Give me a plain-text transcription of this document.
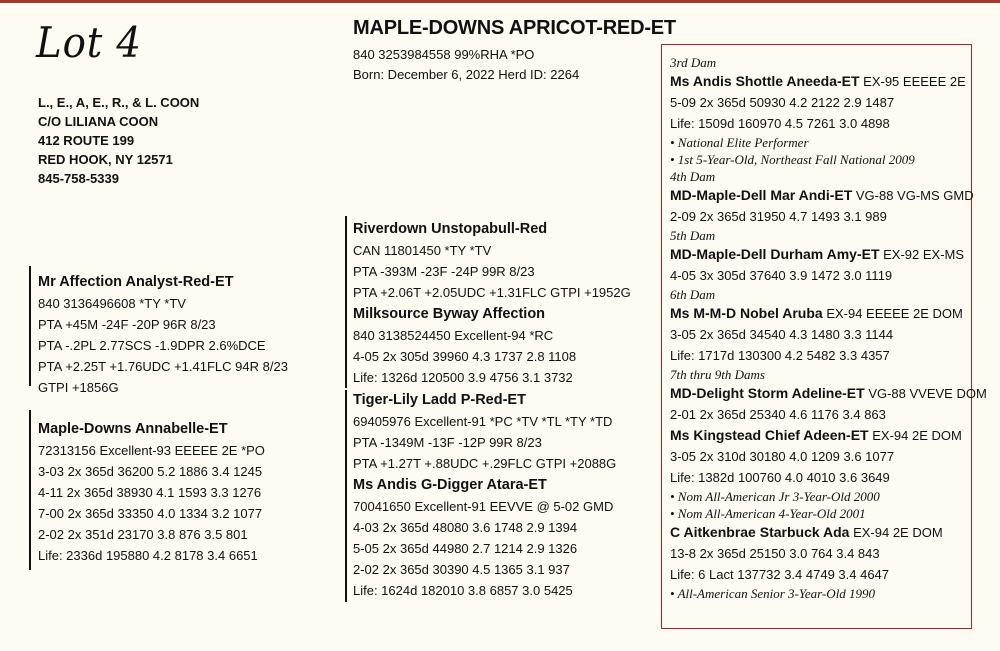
Lot 4
L., E., A, E., R., & L. COON
C/O LILIANA COON
412 ROUTE 199
RED HOOK, NY 12571
845-758-5339
MAPLE-DOWNS APRICOT-RED-ET
840 3253984558 99%RHA *PO
Born: December 6, 2022 Herd ID: 2264
Mr Affection Analyst-Red-ET
840 3136496608 *TY *TV
PTA +45M -24F -20P 96R 8/23
PTA -.2PL 2.77SCS -1.9DPR 2.6%DCE
PTA +2.25T +1.76UDC +1.41FLC 94R 8/23
GTPI +1856G
Maple-Downs Annabelle-ET
72313156 Excellent-93 EEEEE 2E *PO
3-03 2x 365d 36200 5.2 1886 3.4 1245
4-11 2x 365d 38930 4.1 1593 3.3 1276
7-00 2x 365d 33350 4.0 1334 3.2 1077
2-02 2x 351d 23170 3.8 876 3.5 801
Life: 2336d 195880 4.2 8178 3.4 6651
Riverdown Unstopabull-Red
CAN 11801450 *TY *TV
PTA -393M -23F -24P 99R 8/23
PTA +2.06T +2.05UDC +1.31FLC GTPI +1952G
Milksource Byway Affection
840 3138524450 Excellent-94 *RC
4-05 2x 305d 39960 4.3 1737 2.8 1108
Life: 1326d 120500 3.9 4756 3.1 3732
Tiger-Lily Ladd P-Red-ET
69405976 Excellent-91 *PC *TV *TL *TY *TD
PTA -1349M -13F -12P 99R 8/23
PTA +1.27T +.88UDC +.29FLC GTPI +2088G
Ms Andis G-Digger Atara-ET
70041650 Excellent-91 EEVVE @ 5-02 GMD
4-03 2x 365d 48080 3.6 1748 2.9 1394
5-05 2x 365d 44980 2.7 1214 2.9 1326
2-02 2x 365d 30390 4.5 1365 3.1 937
Life: 1624d 182010 3.8 6857 3.0 5425
3rd Dam
Ms Andis Shottle Aneeda-ET EX-95 EEEEE 2E
5-09 2x 365d 50930 4.2 2122 2.9 1487
Life: 1509d 160970 4.5 7261 3.0 4898
• National Elite Performer
• 1st 5-Year-Old, Northeast Fall National 2009
4th Dam
MD-Maple-Dell Mar Andi-ET VG-88 VG-MS GMD
2-09 2x 365d 31950 4.7 1493 3.1 989
5th Dam
MD-Maple-Dell Durham Amy-ET EX-92 EX-MS
4-05 3x 305d 37640 3.9 1472 3.0 1119
6th Dam
Ms M-M-D Nobel Aruba EX-94 EEEEE 2E DOM
3-05 2x 365d 34540 4.3 1480 3.3 1144
Life: 1717d 130300 4.2 5482 3.3 4357
7th thru 9th Dams
MD-Delight Storm Adeline-ET VG-88 VVEVE DOM
2-01 2x 365d 25340 4.6 1176 3.4 863
Ms Kingstead Chief Adeen-ET EX-94 2E DOM
3-05 2x 310d 30180 4.0 1209 3.6 1077
Life: 1382d 100760 4.0 4010 3.6 3649
• Nom All-American Jr 3-Year-Old 2000
• Nom All-American 4-Year-Old 2001
C Aitkenbrae Starbuck Ada EX-94 2E DOM
13-8 2x 365d 25150 3.0 764 3.4 843
Life: 6 Lact 137732 3.4 4749 3.4 4647
• All-American Senior 3-Year-Old 1990
